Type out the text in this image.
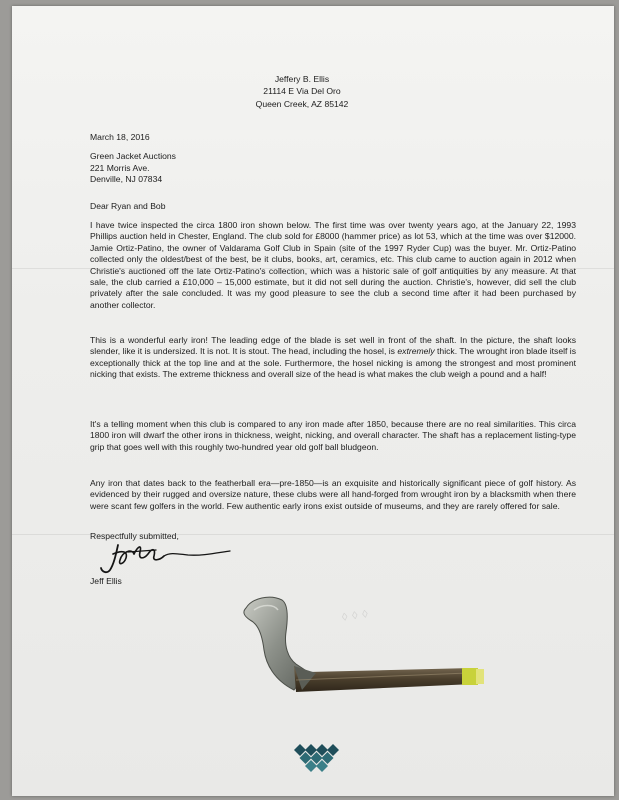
Jeffery B. Ellis
21114 E Via Del Oro
Queen Creek, AZ 85142
March 18, 2016
Green Jacket Auctions
221 Morris Ave.
Denville, NJ 07834
Dear Ryan and Bob
I have twice inspected the circa 1800 iron shown below. The first time was over twenty years ago, at the January 22, 1993 Phillips auction held in Chester, England. The club sold for £8000 (hammer price) as lot 53, which at the time was over $12000. Jamie Ortiz-Patino, the owner of Valdarama Golf Club in Spain (site of the 1997 Ryder Cup) was the buyer. Mr. Ortiz-Patino collected only the oldest/best of the best, be it clubs, books, art, ceramics, etc. This club came to auction again in 2012 when Christie's auctioned off the late Ortiz-Patino's collection, which was a historic sale of golf antiquities by any measure. At that sale, the club carried a £10,000 – 15,000 estimate, but it did not sell during the auction. Christie's, however, did sell the club privately after the sale concluded. It was my good pleasure to see the club a second time after it had been purchased by another collector.
This is a wonderful early iron! The leading edge of the blade is set well in front of the shaft. In the picture, the shaft looks slender, like it is undersized. It is not. It is stout. The head, including the hosel, is extremely thick. The wrought iron blade itself is exceptionally thick at the top line and at the sole. Furthermore, the hosel nicking is among the strongest and most prominent nicking that exists. The extreme thickness and overall size of the head is what makes the club weigh a pound and a half!
It's a telling moment when this club is compared to any iron made after 1850, because there are no real similarities. This circa 1800 iron will dwarf the other irons in thickness, weight, nicking, and overall character. The shaft has a replacement listing-type grip that goes well with this roughly two-hundred year old golf ball bludgeon.
Any iron that dates back to the featherball era—pre-1850—is an exquisite and historically significant piece of golf history. As evidenced by their rugged and oversize nature, these clubs were all hand-forged from wrought iron by a blacksmith when there were scant few golfers in the world. Few authentic early irons exist outside of museums, and they are rarely offered for sale.
Respectfully submitted,
Jeff Ellis
◊ ◊ ◊
